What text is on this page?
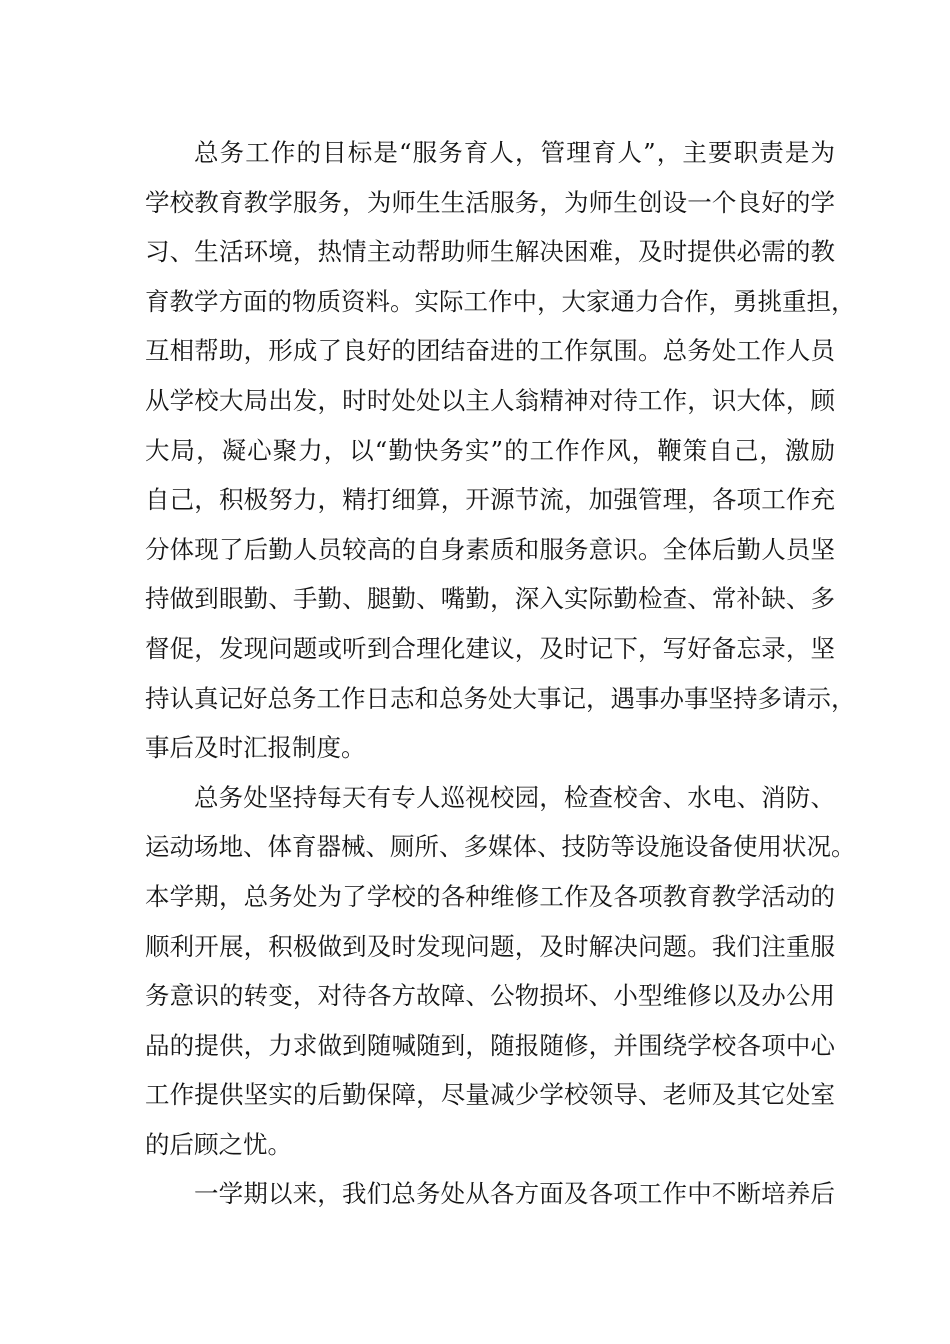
总务工作的目标是“服务育人，管理育人”，主要职责是为
学校教育教学服务，为师生生活服务，为师生创设一个良好的学
习、生活环境，热情主动帮助师生解决困难，及时提供必需的教
育教学方面的物质资料。实际工作中，大家通力合作，勇挑重担，
互相帮助，形成了良好的团结奋进的工作氛围。总务处工作人员
从学校大局出发，时时处处以主人翁精神对待工作，识大体，顾
大局，凝心聚力，以“勤快务实”的工作作风，鞭策自己，激励
自己，积极努力，精打细算，开源节流，加强管理，各项工作充
分体现了后勤人员较高的自身素质和服务意识。全体后勤人员坚
持做到眼勤、手勤、腿勤、嘴勤，深入实际勤检查、常补缺、多
督促，发现问题或听到合理化建议，及时记下，写好备忘录，坚
持认真记好总务工作日志和总务处大事记，遇事办事坚持多请示，
事后及时汇报制度。
总务处坚持每天有专人巡视校园，检查校舍、水电、消防、
运动场地、体育器械、厕所、多媒体、技防等设施设备使用状况。
本学期，总务处为了学校的各种维修工作及各项教育教学活动的
顺利开展，积极做到及时发现问题，及时解决问题。我们注重服
务意识的转变，对待各方故障、公物损坏、小型维修以及办公用
品的提供，力求做到随喊随到，随报随修，并围绕学校各项中心
工作提供坚实的后勤保障，尽量减少学校领导、老师及其它处室
的后顾之忧。
一学期以来，我们总务处从各方面及各项工作中不断培养后
